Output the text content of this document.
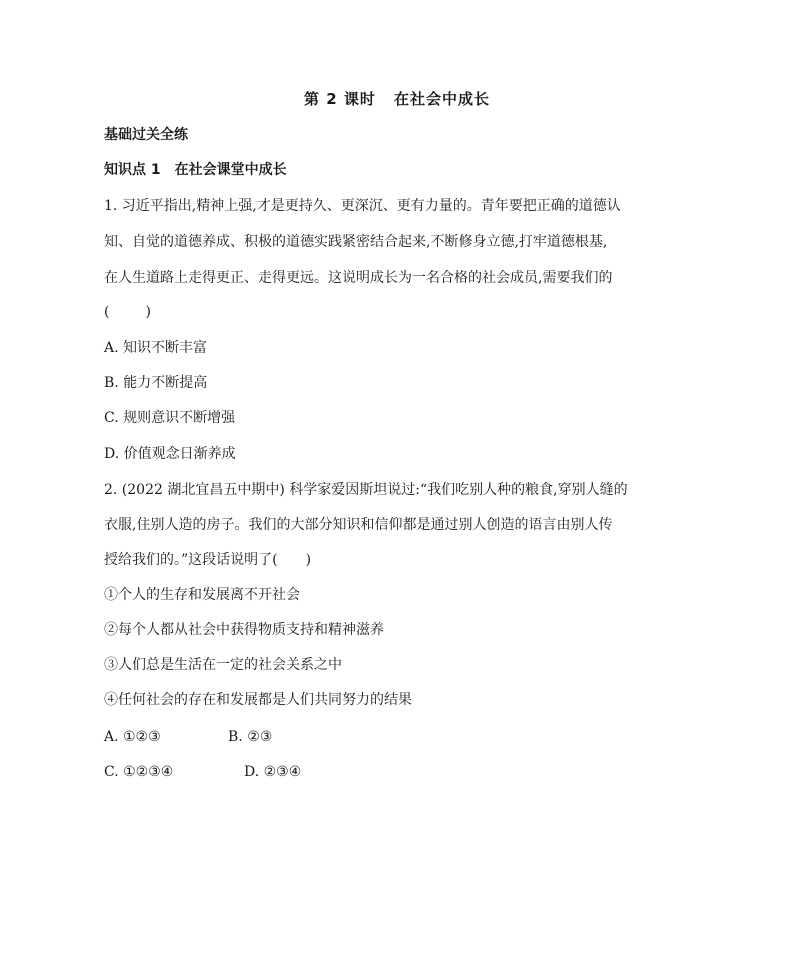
第 2 课时 在社会中成长
基础过关全练
知识点 1 在社会课堂中成长
1. 习近平指出,精神上强,才是更持久、更深沉、更有力量的。青年要把正确的道德认
知、自觉的道德养成、积极的道德实践紧密结合起来,不断修身立德,打牢道德根基,
在人生道路上走得更正、走得更远。这说明成长为一名合格的社会成员,需要我们的
(	)
A. 知识不断丰富
B. 能力不断提高
C. 规则意识不断增强
D. 价值观念日渐养成
2. (2022 湖北宜昌五中期中) 科学家爱因斯坦说过:“我们吃别人种的粮食,穿别人缝的
衣服,住别人造的房子。我们的大部分知识和信仰都是通过别人创造的语言由别人传
授给我们的。”这段话说明了(　　)
①个人的生存和发展离不开社会
②每个人都从社会中获得物质支持和精神滋养
③人们总是生活在一定的社会关系之中
④任何社会的存在和发展都是人们共同努力的结果
A. ①②③	B. ②③
C. ①②③④	D. ②③④
